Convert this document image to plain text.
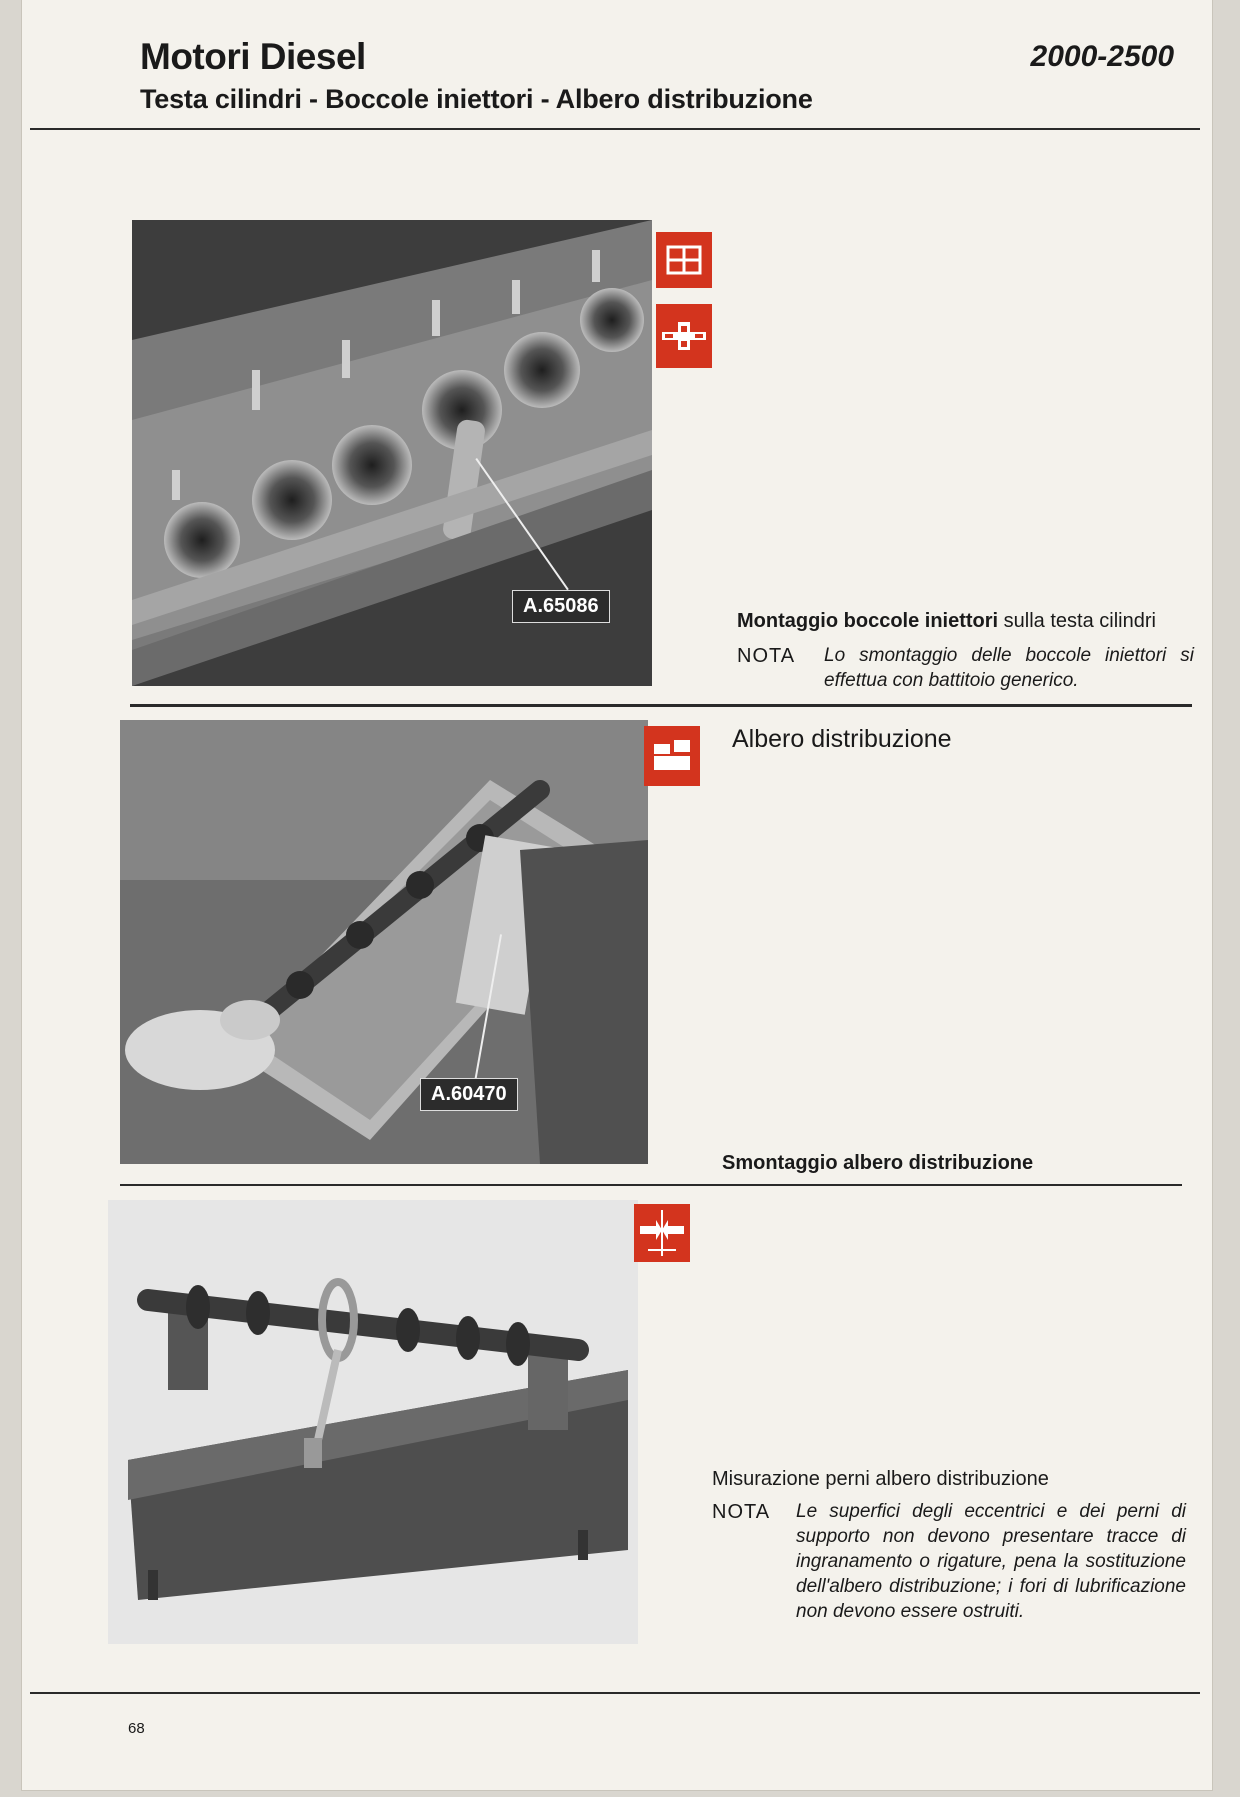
Motori Diesel
Testa cilindri - Boccole iniettori - Albero distribuzione
2000-2500
A.65086
Montaggio boccole iniettori sulla testa cilindri
NOTA Lo smontaggio delle boccole iniettori si effettua con battitoio generico.
A.60470
Albero distribuzione
Smontaggio albero distribuzione
Misurazione perni albero distribuzione
NOTA Le superfici degli eccentrici e dei perni di supporto non devono presentare tracce di ingranamento o rigature, pena la sostituzione dell'albero distribuzione; i fori di lubrificazione non devono essere ostruiti.
68
